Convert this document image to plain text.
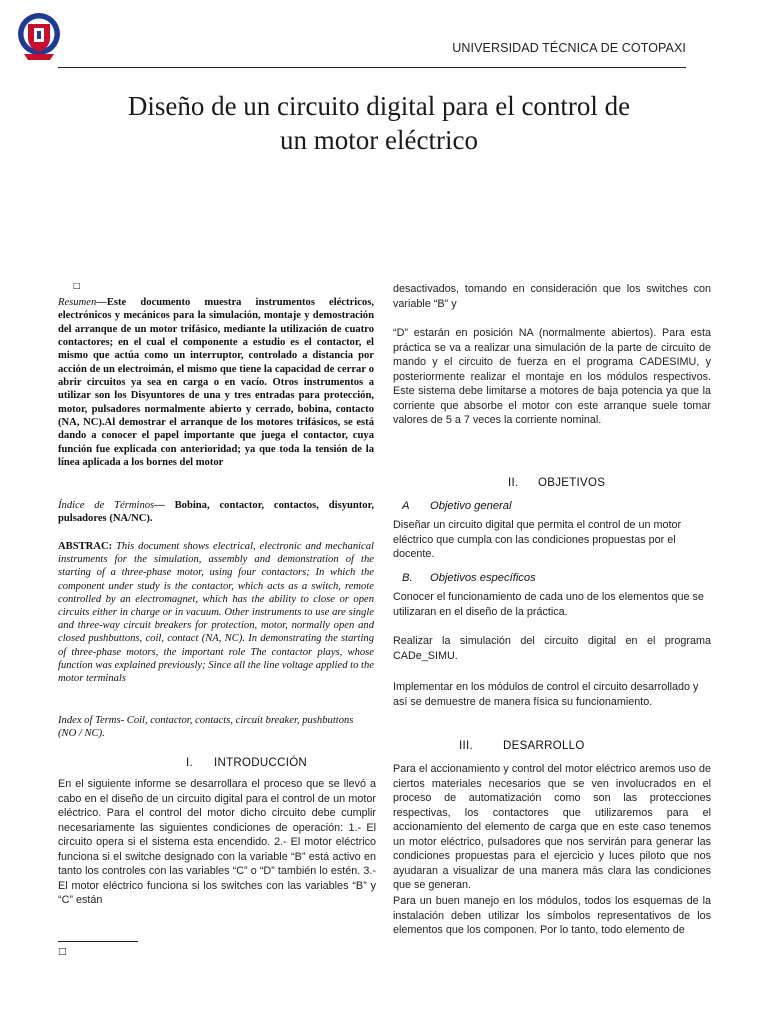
UNIVERSIDAD TÉCNICA DE COTOPAXI
Diseño de un circuito digital para el control de
un motor eléctrico
□
Resumen—Este documento muestra instrumentos eléctricos, electrónicos y mecánicos para la simulación, montaje y demostración del arranque de un motor trifásico, mediante la utilización de cuatro contactores; en el cual el componente a estudio es el contactor, el mismo que actúa como un interruptor, controlado a distancia por acción de un electroimán, el mismo que tiene la capacidad de cerrar o abrir circuitos ya sea en carga o en vacío. Otros instrumentos a utilizar son los Disyuntores de una y tres entradas para protección, motor, pulsadores normalmente abierto y cerrado, bobina, contacto (NA, NC).Al demostrar el arranque de los motores trifásicos, se está dando a conocer el papel importante que juega el contactor, cuya función fue explicada con anterioridad; ya que toda la tensión de la línea aplicada a los bornes del motor
Índice de Términos— Bobina, contactor, contactos, disyuntor, pulsadores (NA/NC).
ABSTRAC: This document shows electrical, electronic and mechanical instruments for the simulation, assembly and demonstration of the starting of a three-phase motor, using four contactors; In which the component under study is the contactor, which acts as a switch, remote controlled by an electromagnet, which has the ability to close or open circuits either in charge or in vacuum. Other instruments to use are single and three-way circuit breakers for protection, motor, normally open and closed pushbuttons, coil, contact (NA, NC). In demonstrating the starting of three-phase motors, the important role The contactor plays, whose function was explained previously; Since all the line voltage applied to the motor terminals
Index of Terms- Coil, contactor, contacts, circuit breaker, pushbuttons (NO / NC).
I. INTRODUCCIÓN
En el siguiente informe se desarrollara el proceso que se llevó a cabo en el diseño de un circuito digital para el control de un motor eléctrico. Para el control del motor dicho circuito debe cumplir necesariamente las siguientes condiciones de operación: 1.- El circuito opera si el sistema esta encendido. 2.- El motor eléctrico funciona si el switche designado con la variable “B” está activo en tanto los controles con las variables “C” o “D” también lo estén. 3.- El motor eléctrico funciona si los switches con las variables “B” y “C” están
□
desactivados, tomando en consideración que los switches con variable “B” y
“D” estarán en posición NA (normalmente abiertos). Para esta práctica se va a realizar una simulación de la parte de circuito de mando y el circuito de fuerza en el programa CADESIMU, y posteriormente realizar el montaje en los módulos respectivos. Este sistema debe limitarse a motores de baja potencia ya que la corriente que absorbe el motor con este arranque suele tomar valores de 5 a 7 veces la corriente nominal.
II. OBJETIVOS
A Objetivo general
Diseñar un circuito digital que permita el control de un motor eléctrico que cumpla con las condiciones propuestas por el docente.
B. Objetivos específicos
Conocer el funcionamiento de cada uno de los elementos que se utilizaran en el diseño de la práctica.
Realizar la simulación del circuito digital en el programa CADe_SIMU.
Implementar en los módulos de control el circuito desarrollado y así se demuestre de manera física su funcionamiento.
III.	DESARROLLO
Para el accionamiento y control del motor eléctrico aremos uso de ciertos materiales necesarios que se ven involucrados en el proceso de automatización como son las protecciones respectivas, los contactores que utilizaremos para el accionamiento del elemento de carga que en este caso tenemos un motor eléctrico, pulsadores que nos servirán para generar las condiciones propuestas para el ejercicio y luces piloto que nos ayudaran a visualizar de una manera más clara las condiciones que se generan.
Para un buen manejo en los módulos, todos los esquemas de la instalación deben utilizar los símbolos representativos de los elementos que los componen. Por lo tanto, todo elemento de
